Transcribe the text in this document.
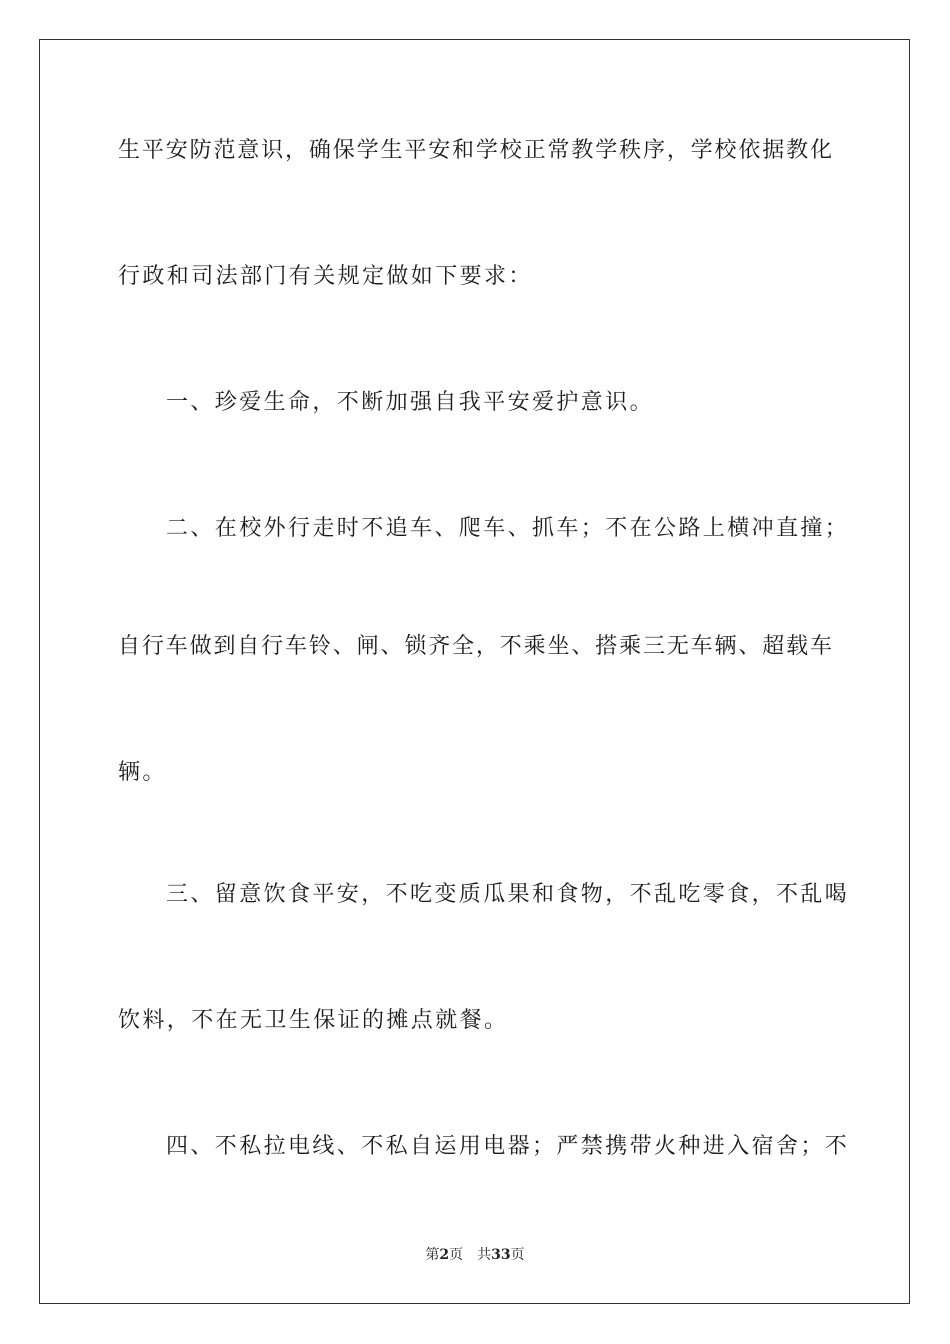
生平安防范意识，确保学生平安和学校正常教学秩序，学校依据教化
行政和司法部门有关规定做如下要求：
一、珍爱生命，不断加强自我平安爱护意识。
二、在校外行走时不追车、爬车、抓车；不在公路上横冲直撞；
自行车做到自行车铃、闸、锁齐全，不乘坐、搭乘三无车辆、超载车
辆。
三、留意饮食平安，不吃变质瓜果和食物，不乱吃零食，不乱喝
饮料，不在无卫生保证的摊点就餐。
四、不私拉电线、不私自运用电器；严禁携带火种进入宿舍；不
第2页 共33页
